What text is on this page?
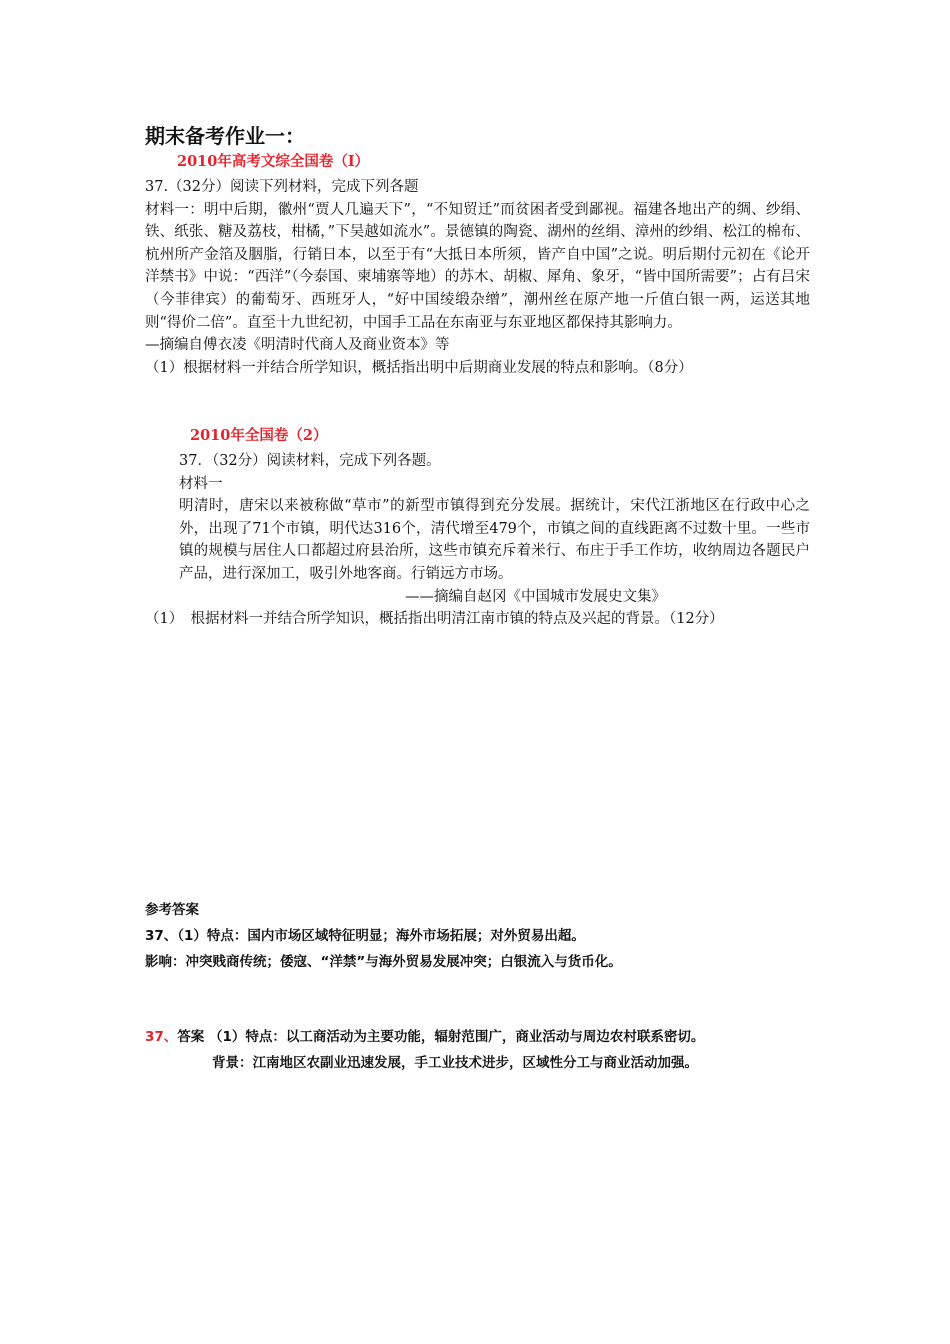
期末备考作业一：
2010年高考文综全国卷（Ⅰ）

37.（32分）阅读下列材料，完成下列各题

材料一：明中后期，徽州“贾人几遍天下”，“不知贸迁”而贫困者受到鄙视。福建各地出产的绸、纱绢、铁、纸张、糖及荔枝，柑橘，”下吴越如流水”。景德镇的陶瓷、湖州的丝绢、漳州的纱绢、松江的棉布、杭州所产金箔及胭脂，行销日本，以至于有“大抵日本所须，皆产自中国”之说。明后期付元初在《论开洋禁书》中说：“西洋”（今泰国、柬埔寨等地）的苏木、胡椒、犀角、象牙，“皆中国所需要”；占有吕宋（今菲律宾）的葡萄牙、西班牙人，“好中国绫缎杂缯”，潮州丝在原产地一斤值白银一两，运送其地则“得价二倍”。直至十九世纪初，中国手工品在东南亚与东亚地区都保持其影响力。

—摘编自傅衣凌《明清时代商人及商业资本》等

（1）根据材料一并结合所学知识，概括指出明中后期商业发展的特点和影响。（8分）

2010年全国卷（2）

37．（32分）阅读材料，完成下列各题。

材料一

明清时，唐宋以来被称做“草市”的新型市镇得到充分发展。据统计，宋代江浙地区在行政中心之外，出现了71个市镇，明代达316个，清代增至479个，市镇之间的直线距离不过数十里。一些市镇的规模与居住人口都超过府县治所，这些市镇充斥着米行、布庄于手工作坊，收纳周边各题民户产品，进行深加工，吸引外地客商。行销远方市场。

——摘编自赵冈《中国城市发展史文集》

（1）　根据材料一并结合所学知识，概括指出明清江南市镇的特点及兴起的背景。（12分）

参考答案

37、（1）特点：国内市场区域特征明显；海外市场拓展；对外贸易出超。

影响：冲突贱商传统；倭寇、“洋禁”与海外贸易发展冲突；白银流入与货币化。

37、答案 （1）特点：以工商活动为主要功能，辐射范围广，商业活动与周边农村联系密切。

背景：江南地区农副业迅速发展，手工业技术进步，区域性分工与商业活动加强。
